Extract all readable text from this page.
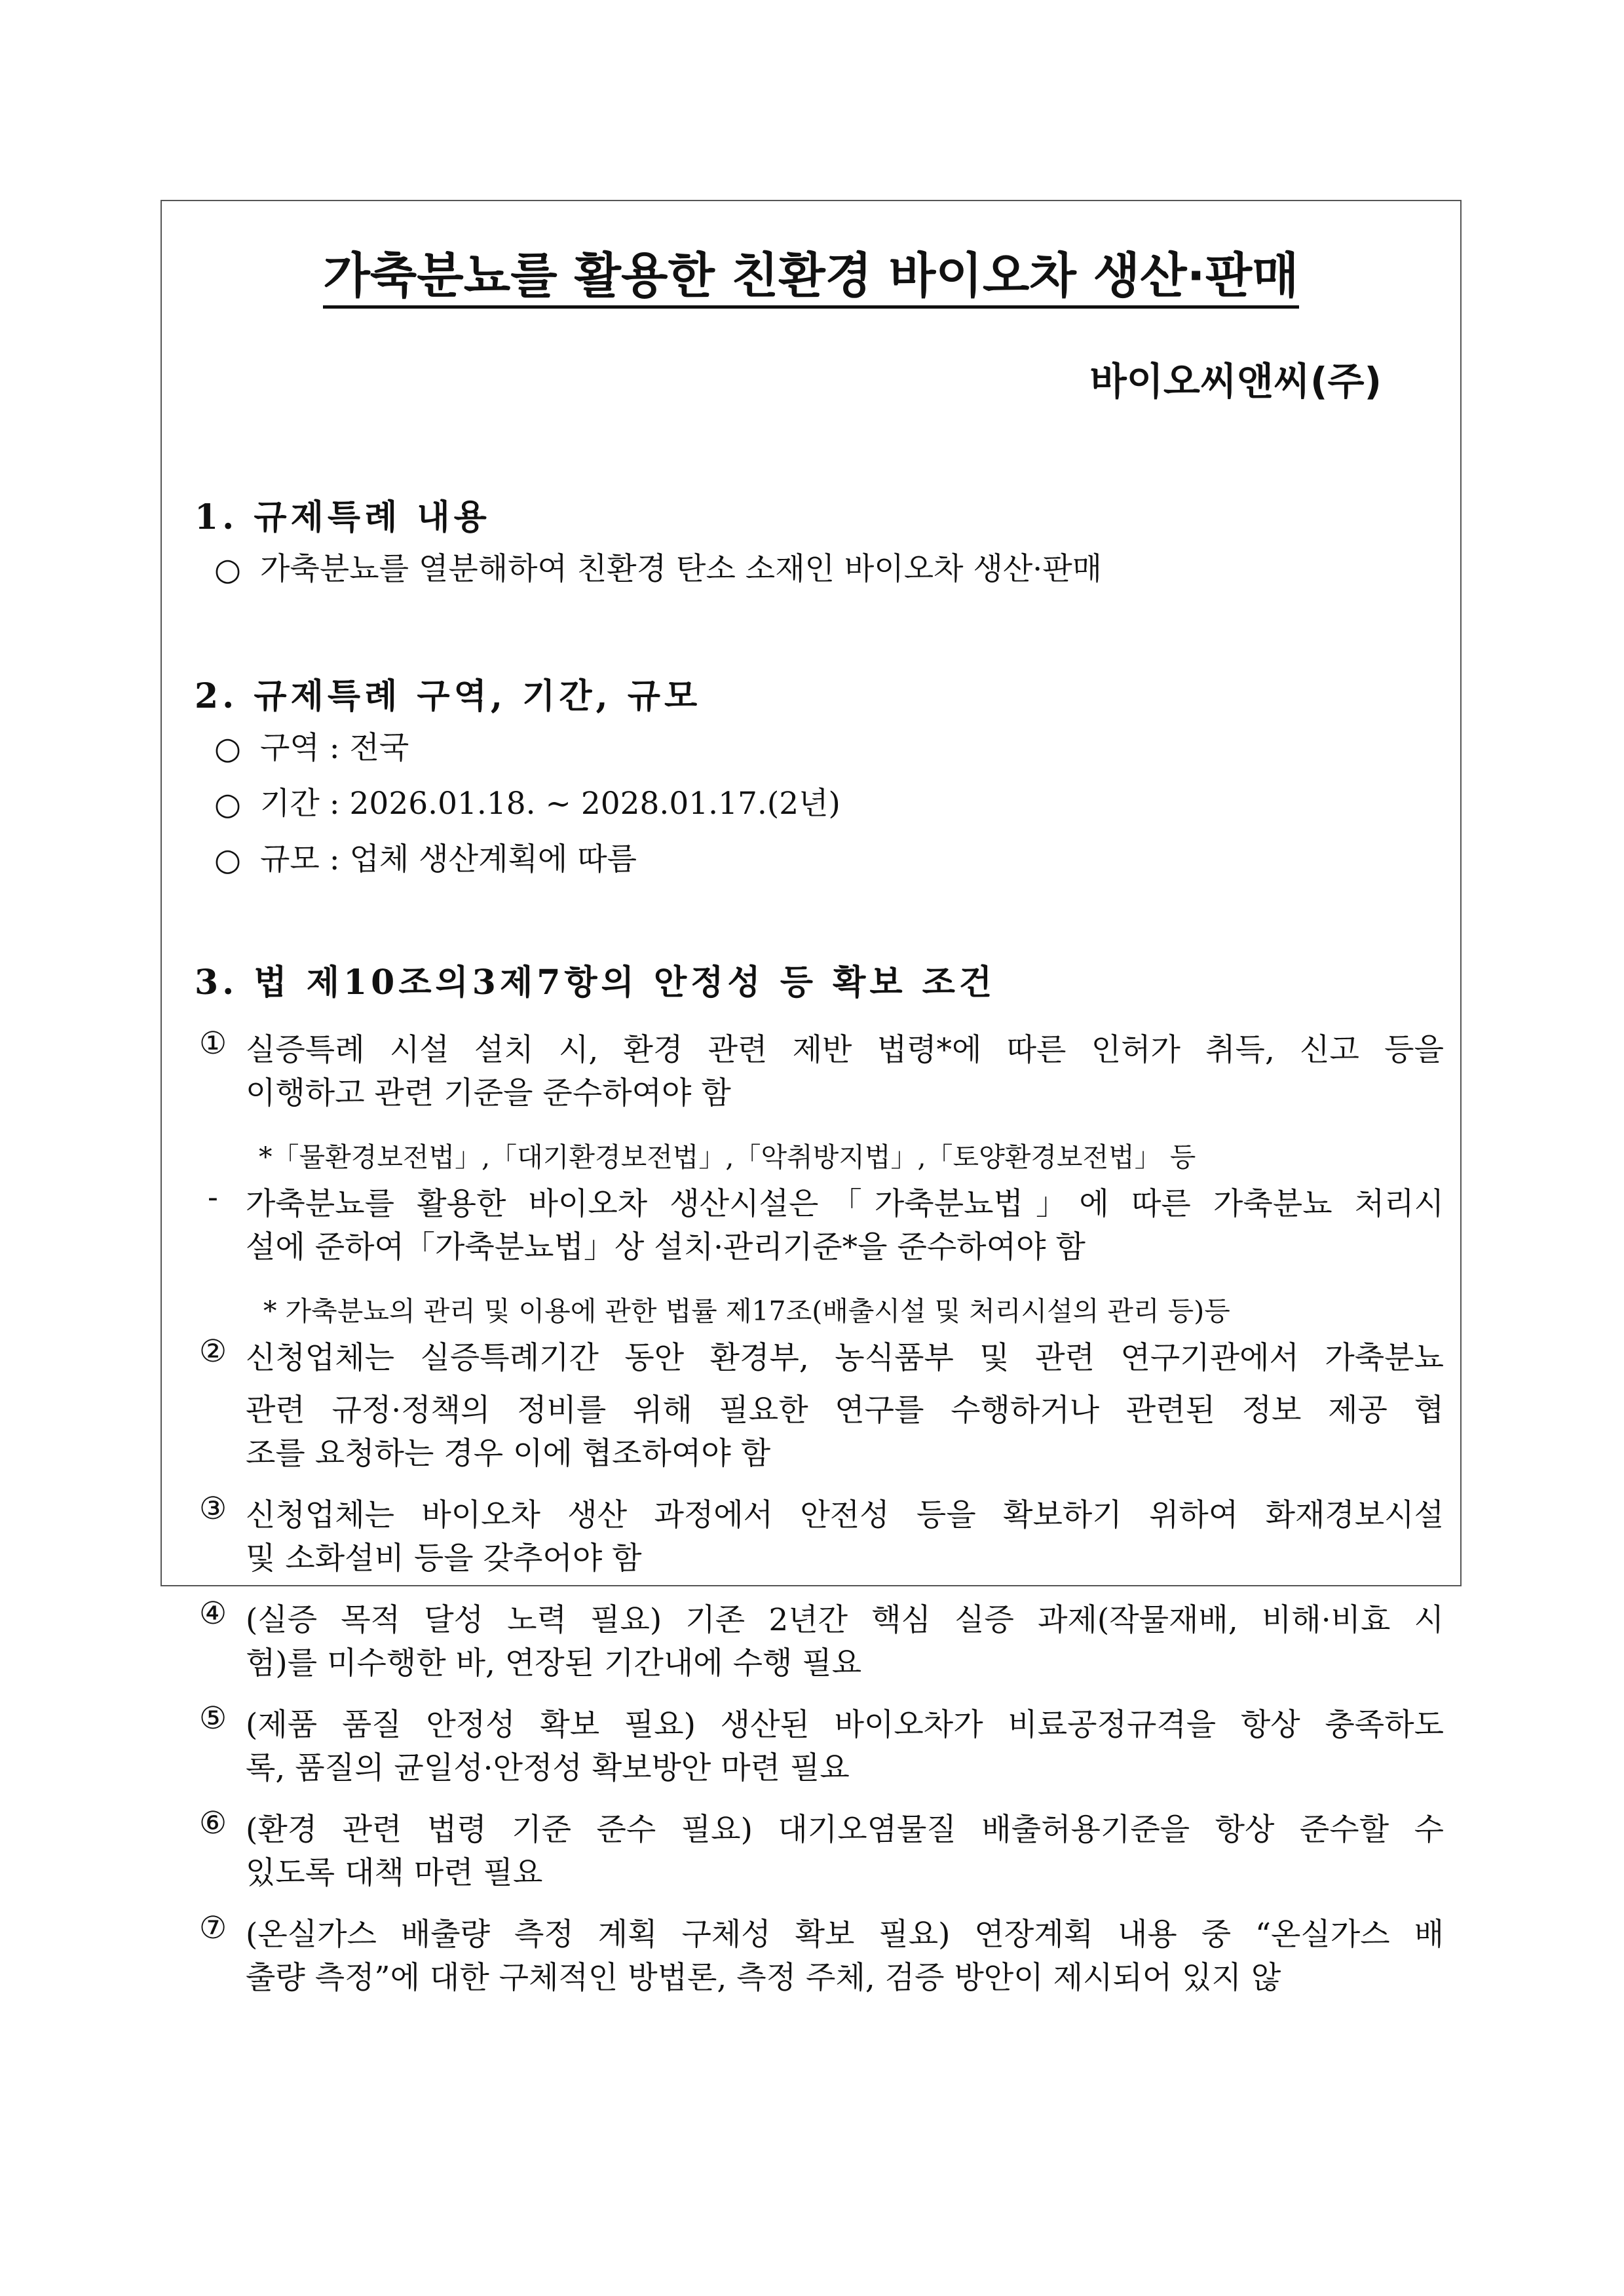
가축분뇨를 활용한 친환경 바이오차 생산·판매
바이오씨앤씨(주)
1. 규제특례 내용
○ 가축분뇨를 열분해하여 친환경 탄소 소재인 바이오차 생산·판매
2. 규제특례 구역, 기간, 규모
○ 구역 : 전국
○ 기간 : 2026.01.18. ~ 2028.01.17.(2년)
○ 규모 : 업체 생산계획에 따름
3. 법 제10조의3제7항의 안정성 등 확보 조건
① 실증특례 시설 설치 시, 환경 관련 제반 법령*에 따른 인허가 취득, 신고 등을
이행하고 관련 기준을 준수하여야 함
*「물환경보전법」,「대기환경보전법」,「악취방지법」,「토양환경보전법」 등
- 가축분뇨를 활용한 바이오차 생산시설은「가축분뇨법」에 따른 가축분뇨 처리시
설에 준하여「가축분뇨법」상 설치·관리기준*을 준수하여야 함
* 가축분뇨의 관리 및 이용에 관한 법률 제17조(배출시설 및 처리시설의 관리 등)등
② 신청업체는 실증특례기간 동안 환경부, 농식품부 및 관련 연구기관에서 가축분뇨
관련 규정·정책의 정비를 위해 필요한 연구를 수행하거나 관련된 정보 제공 협
조를 요청하는 경우 이에 협조하여야 함
③ 신청업체는 바이오차 생산 과정에서 안전성 등을 확보하기 위하여 화재경보시설
및 소화설비 등을 갖추어야 함
④ (실증 목적 달성 노력 필요) 기존 2년간 핵심 실증 과제(작물재배, 비해·비효 시
험)를 미수행한 바, 연장된 기간내에 수행 필요
⑤ (제품 품질 안정성 확보 필요) 생산된 바이오차가 비료공정규격을 항상 충족하도
록, 품질의 균일성·안정성 확보방안 마련 필요
⑥ (환경 관련 법령 기준 준수 필요) 대기오염물질 배출허용기준을 항상 준수할 수
있도록 대책 마련 필요
⑦ (온실가스 배출량 측정 계획 구체성 확보 필요) 연장계획 내용 중 “온실가스 배
출량 측정”에 대한 구체적인 방법론, 측정 주체, 검증 방안이 제시되어 있지 않
